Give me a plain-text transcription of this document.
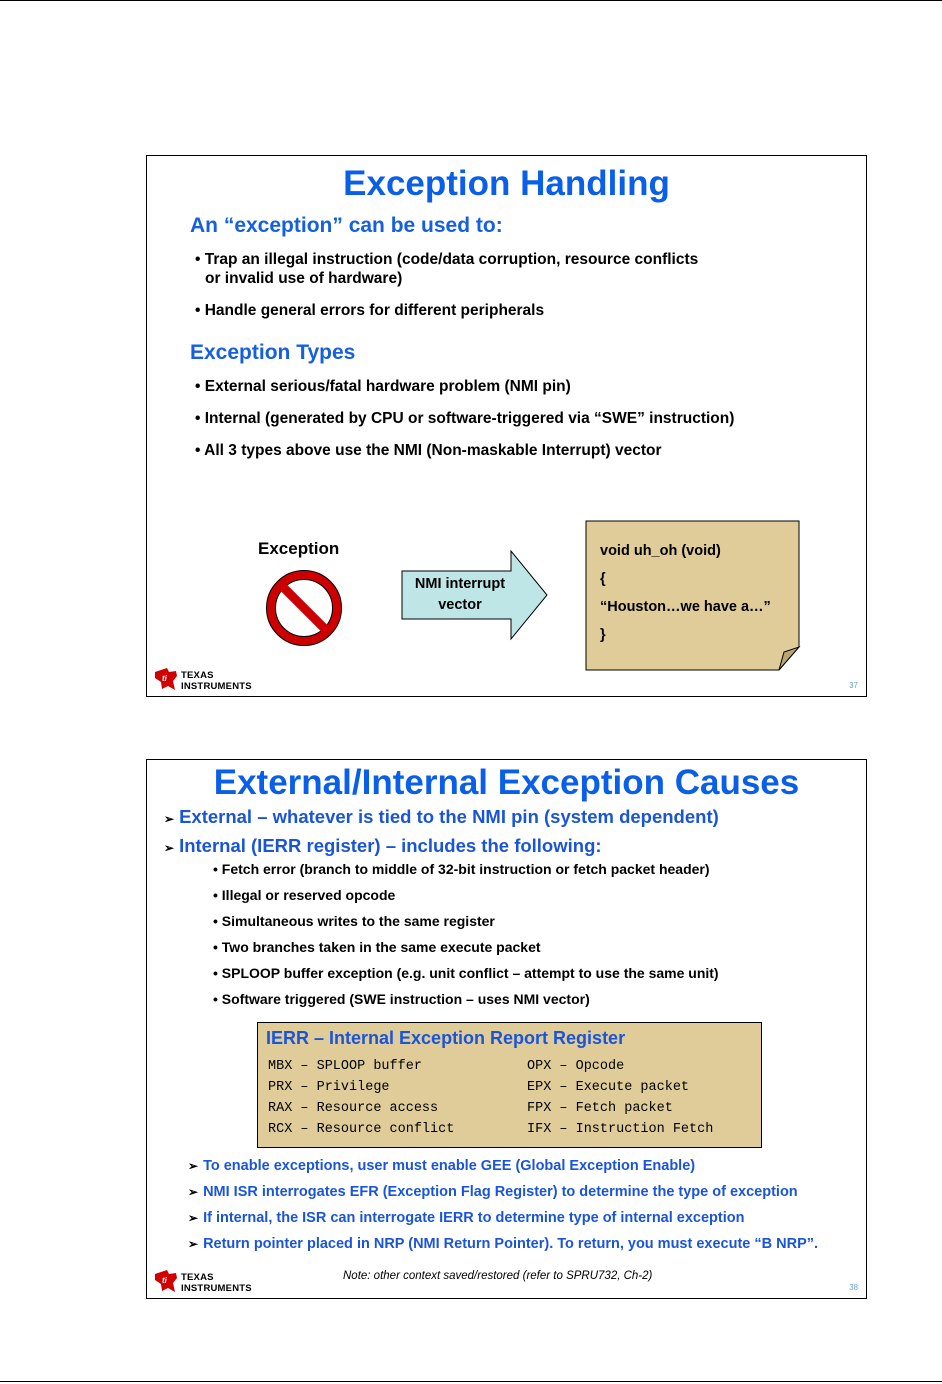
Exception Handling
An “exception” can be used to:
• Trap an illegal instruction (code/data corruption, resource conflicts
or invalid use of hardware)
• Handle general errors for different peripherals
Exception Types
• External serious/fatal hardware problem (NMI pin)
• Internal (generated by CPU or software-triggered via “SWE” instruction)
• All 3 types above use the NMI (Non-maskable Interrupt) vector
Exception
NMI interrupt
vector
void uh_oh (void)
{
“Houston…we have a…”
}
ti TEXAS
INSTRUMENTS	37
External/Internal Exception Causes
➢ External – whatever is tied to the NMI pin (system dependent)
➢ Internal (IERR register) – includes the following:
• Fetch error (branch to middle of 32-bit instruction or fetch packet header)
• Illegal or reserved opcode
• Simultaneous writes to the same register
• Two branches taken in the same execute packet
• SPLOOP buffer exception (e.g. unit conflict – attempt to use the same unit)
• Software triggered (SWE instruction – uses NMI vector)
IERR – Internal Exception Report Register
MBX – SPLOOP buffer	OPX – Opcode
PRX – Privilege	EPX – Execute packet
RAX – Resource access	FPX – Fetch packet
RCX – Resource conflict	IFX – Instruction Fetch
➢ To enable exceptions, user must enable GEE (Global Exception Enable)
➢ NMI ISR interrogates EFR (Exception Flag Register) to determine the type of exception
➢ If internal, the ISR can interrogate IERR to determine type of internal exception
➢ Return pointer placed in NRP (NMI Return Pointer). To return, you must execute “B NRP”.
Note: other context saved/restored (refer to SPRU732, Ch-2)
ti TEXAS
INSTRUMENTS	38
